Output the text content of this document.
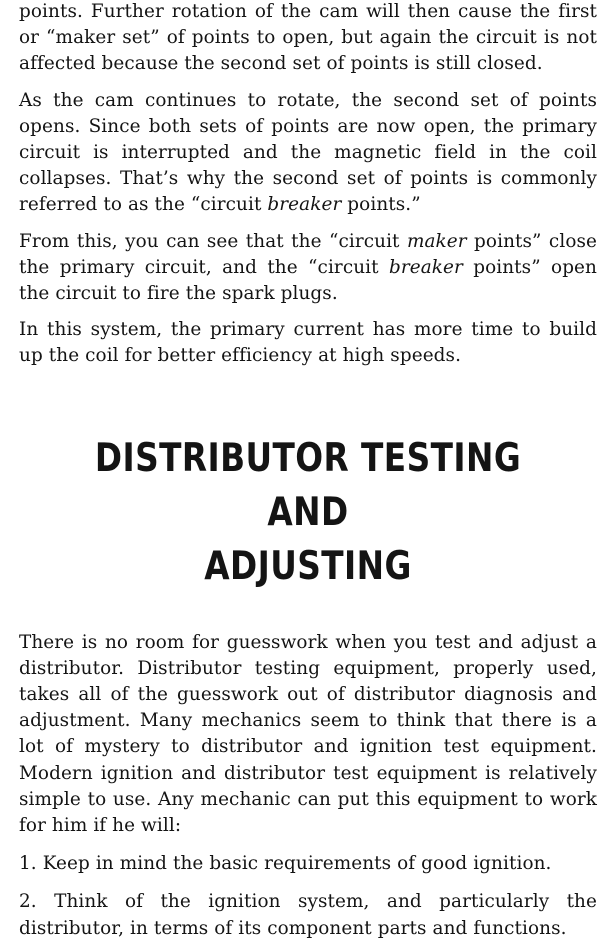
points. Further rotation of the cam will then cause the first or “maker set” of points to open, but again the circuit is not affected because the second set of points is still closed.

As the cam continues to rotate, the second set of points opens. Since both sets of points are now open, the primary circuit is interrupted and the magnetic field in the coil collapses. That’s why the second set of points is commonly referred to as the “circuit breaker points.”

From this, you can see that the “circuit maker points” close the primary circuit, and the “circuit breaker points” open the circuit to fire the spark plugs.

In this system, the primary current has more time to build up the coil for better efficiency at high speeds.

DISTRIBUTOR TESTING AND
ADJUSTING

There is no room for guesswork when you test and adjust a distributor. Distributor testing equipment, properly used, takes all of the guesswork out of distributor diagnosis and adjustment. Many mechanics seem to think that there is a lot of mystery to distributor and ignition test equipment. Modern ignition and distributor test equipment is relatively simple to use. Any mechanic can put this equipment to work for him if he will:

1. Keep in mind the basic requirements of good ignition.

2. Think of the ignition system, and particularly the distributor, in terms of its component parts and functions.
